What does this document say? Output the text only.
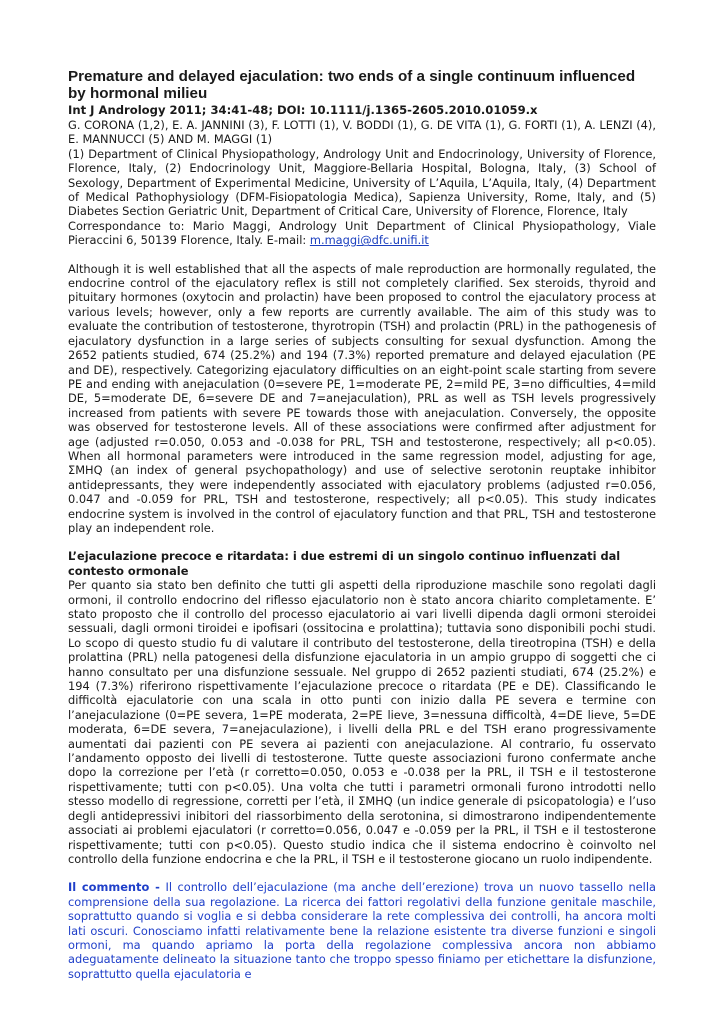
Premature and delayed ejaculation: two ends of a single continuum influenced by hormonal milieu

Int J Andrology 2011; 34:41-48; DOI: 10.1111/j.1365-2605.2010.01059.x

G. CORONA (1,2), E. A. JANNINI (3), F. LOTTI (1), V. BODDI (1), G. DE VITA (1), G. FORTI (1), A. LENZI (4), E. MANNUCCI (5) AND M. MAGGI (1)

(1) Department of Clinical Physiopathology, Andrology Unit and Endocrinology, University of Florence, Florence, Italy, (2) Endocrinology Unit, Maggiore-Bellaria Hospital, Bologna, Italy, (3) School of Sexology, Department of Experimental Medicine, University of L’Aquila, L’Aquila, Italy, (4) Department of Medical Pathophysiology (DFM-Fisiopatologia Medica), Sapienza University, Rome, Italy, and (5) Diabetes Section Geriatric Unit, Department of Critical Care, University of Florence, Florence, Italy

Correspondance to: Mario Maggi, Andrology Unit Department of Clinical Physiopathology, Viale Pieraccini 6, 50139 Florence, Italy. E-mail: m.maggi@dfc.unifi.it

Although it is well established that all the aspects of male reproduction are hormonally regulated, the endocrine control of the ejaculatory reflex is still not completely clarified. Sex steroids, thyroid and pituitary hormones (oxytocin and prolactin) have been proposed to control the ejaculatory process at various levels; however, only a few reports are currently available. The aim of this study was to evaluate the contribution of testosterone, thyrotropin (TSH) and prolactin (PRL) in the pathogenesis of ejaculatory dysfunction in a large series of subjects consulting for sexual dysfunction. Among the 2652 patients studied, 674 (25.2%) and 194 (7.3%) reported premature and delayed ejaculation (PE and DE), respectively. Categorizing ejaculatory difficulties on an eight-point scale starting from severe PE and ending with anejaculation (0=severe PE, 1=moderate PE, 2=mild PE, 3=no difficulties, 4=mild DE, 5=moderate DE, 6=severe DE and 7=anejaculation), PRL as well as TSH levels progressively increased from patients with severe PE towards those with anejaculation. Conversely, the opposite was observed for testosterone levels. All of these associations were confirmed after adjustment for age (adjusted r=0.050, 0.053 and -0.038 for PRL, TSH and testosterone, respectively; all p<0.05). When all hormonal parameters were introduced in the same regression model, adjusting for age, ΣMHQ (an index of general psychopathology) and use of selective serotonin reuptake inhibitor antidepressants, they were independently associated with ejaculatory problems (adjusted r=0.056, 0.047 and -0.059 for PRL, TSH and testosterone, respectively; all p<0.05). This study indicates endocrine system is involved in the control of ejaculatory function and that PRL, TSH and testosterone play an independent role.

L’ejaculazione precoce e ritardata: i due estremi di un singolo continuo influenzati dal contesto ormonale

Per quanto sia stato ben definito che tutti gli aspetti della riproduzione maschile sono regolati dagli ormoni, il controllo endocrino del riflesso ejaculatorio non è stato ancora chiarito completamente. E’ stato proposto che il controllo del processo ejaculatorio ai vari livelli dipenda dagli ormoni steroidei sessuali, dagli ormoni tiroidei e ipofisari (ossitocina e prolattina); tuttavia sono disponibili pochi studi. Lo scopo di questo studio fu di valutare il contributo del testosterone, della tireotropina (TSH) e della prolattina (PRL) nella patogenesi della disfunzione ejaculatoria in un ampio gruppo di soggetti che ci hanno consultato per una disfunzione sessuale. Nel gruppo di 2652 pazienti studiati, 674 (25.2%) e 194 (7.3%) riferirono rispettivamente l’ejaculazione precoce o ritardata (PE e DE). Classificando le difficoltà ejaculatorie con una scala in otto punti con inizio dalla PE severa e termine con l’anejaculazione (0=PE severa, 1=PE moderata, 2=PE lieve, 3=nessuna difficoltà, 4=DE lieve, 5=DE moderata, 6=DE severa, 7=anejaculazione), i livelli della PRL e del TSH erano progressivamente aumentati dai pazienti con PE severa ai pazienti con anejaculazione. Al contrario, fu osservato l’andamento opposto dei livelli di testosterone. Tutte queste associazioni furono confermate anche dopo la correzione per l’età (r corretto=0.050, 0.053 e -0.038 per la PRL, il TSH e il testosterone rispettivamente; tutti con p<0.05). Una volta che tutti i parametri ormonali furono introdotti nello stesso modello di regressione, corretti per l’età, il ΣMHQ (un indice generale di psicopatologia) e l’uso degli antidepressivi inibitori del riassorbimento della serotonina, si dimostrarono indipendentemente associati ai problemi ejaculatori (r corretto=0.056, 0.047 e -0.059 per la PRL, il TSH e il testosterone rispettivamente; tutti con p<0.05). Questo studio indica che il sistema endocrino è coinvolto nel controllo della funzione endocrina e che la PRL, il TSH e il testosterone giocano un ruolo indipendente.

Il commento - Il controllo dell’ejaculazione (ma anche dell’erezione) trova un nuovo tassello nella comprensione della sua regolazione. La ricerca dei fattori regolativi della funzione genitale maschile, soprattutto quando si voglia e si debba considerare la rete complessiva dei controlli, ha ancora molti lati oscuri. Conosciamo infatti relativamente bene la relazione esistente tra diverse funzioni e singoli ormoni, ma quando apriamo la porta della regolazione complessiva ancora non abbiamo adeguatamente delineato la situazione tanto che troppo spesso finiamo per etichettare la disfunzione, soprattutto quella ejaculatoria e
